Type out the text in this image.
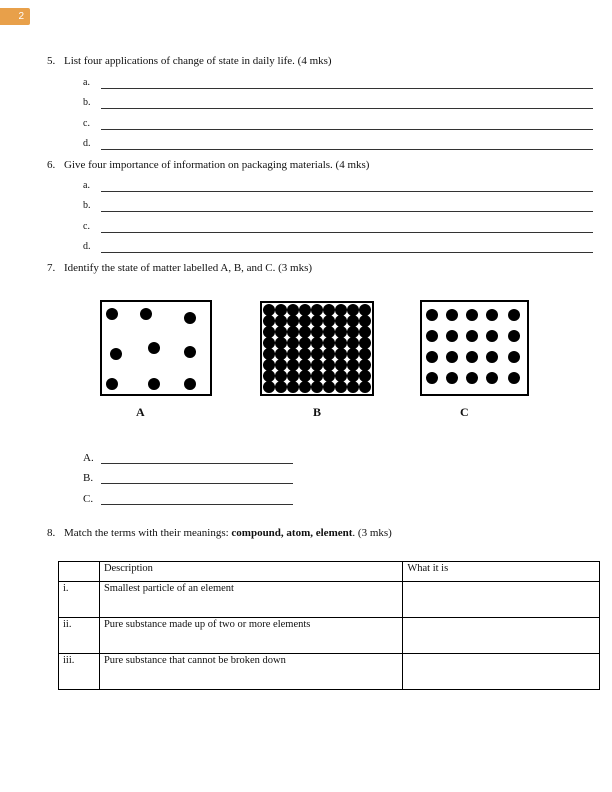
2
5. List four applications of change of state in daily life. (4 mks)
a.
b.
c.
d.
6. Give four importance of information on packaging materials. (4 mks)
a.
b.
c.
d.
7. Identify the state of matter labelled A, B, and C. (3 mks)
A	B	C
A.
B.
C.
8. Match the terms with their meanings: compound, atom, element. (3 mks)
	Description	What it is
i.	Smallest particle of an element	
ii.	Pure substance made up of two or more elements	
iii.	Pure substance that cannot be broken down	
